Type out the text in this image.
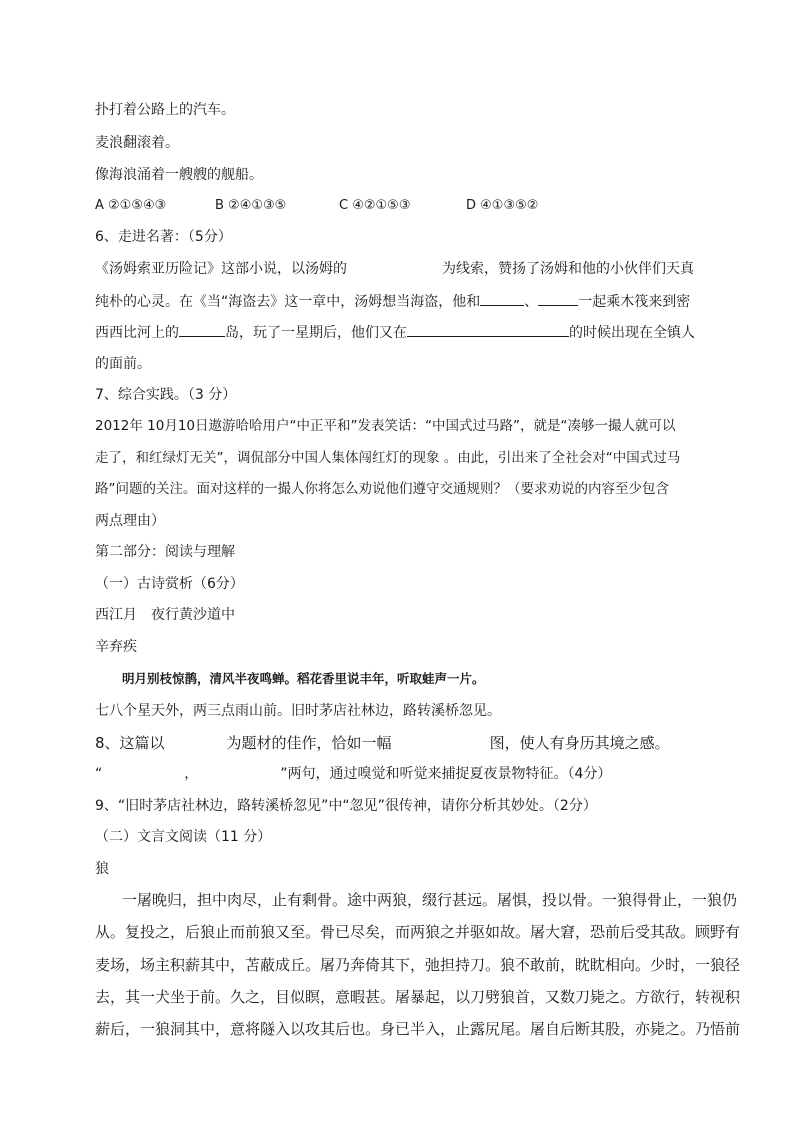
扑打着公路上的汽车。
麦浪翻滚着。
像海浪涌着一艘艘的舰船。
A ②①⑤④③	B ②④①③⑤	C ④②①⑤③	D ④①③⑤②
6、走进名著：（5分）
《汤姆索亚历险记》这部小说，以汤姆的	为线索，赞扬了汤姆和他的小伙伴们天真
纯朴的心灵。在《当“海盗去》这一章中，汤姆想当海盗，他和	、	一起乘木筏来到密
西西比河上的	岛，玩了一星期后，他们又在	的时候出现在全镇人
的面前。
7、综合实践。（3 分）
2012年 10月10日遨游哈哈用户“中正平和”发表笑话：“中国式过马路”，就是“凑够一撮人就可以
走了，和红绿灯无关”，调侃部分中国人集体闯红灯的现象 。由此，引出来了全社会对“中国式过马
路”问题的关注。面对这样的一撮人你将怎么劝说他们遵守交通规则？（要求劝说的内容至少包含
两点理由）
第二部分：阅读与理解
（一）古诗赏析（6分）
西江月　夜行黄沙道中
辛弃疾
明月别枝惊鹊，清风半夜鸣蝉。稻花香里说丰年，听取蛙声一片。
七八个星天外，两三点雨山前。旧时茅店社林边，路转溪桥忽见。
8、这篇以	为题材的佳作，恰如一幅	图，使人有身历其境之感。
“	，	”两句，通过嗅觉和听觉来捕捉夏夜景物特征。（4分）
9、“旧时茅店社林边，路转溪桥忽见”中“忽见”很传神，请你分析其妙处。（2分）
（二）文言文阅读（11 分）
狼
一屠晚归，担中肉尽，止有剩骨。途中两狼，缀行甚远。屠惧，投以骨。一狼得骨止，一狼仍
从。复投之，后狼止而前狼又至。骨已尽矣，而两狼之并驱如故。屠大窘，恐前后受其敌。顾野有
麦场，场主积薪其中，苫蔽成丘。屠乃奔倚其下，弛担持刀。狼不敢前，眈眈相向。少时，一狼径
去，其一犬坐于前。久之，目似瞑，意暇甚。屠暴起，以刀劈狼首，又数刀毙之。方欲行，转视积
薪后，一狼洞其中，意将隧入以攻其后也。身已半入，止露尻尾。屠自后断其股，亦毙之。乃悟前
